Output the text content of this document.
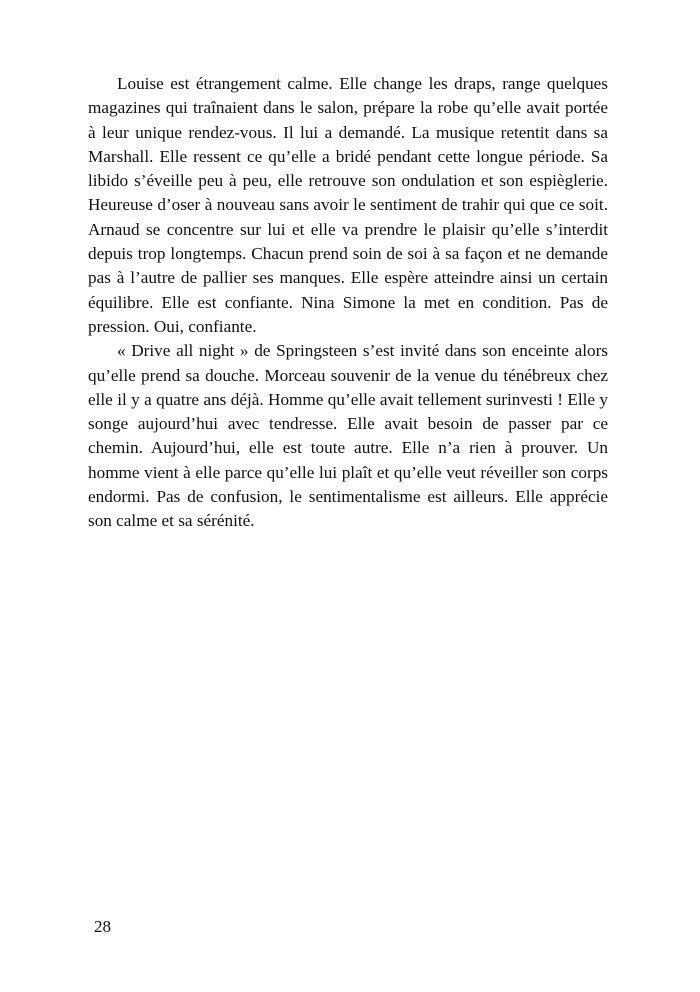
Louise est étrangement calme. Elle change les draps, range quelques magazines qui traînaient dans le salon, prépare la robe qu’elle avait portée à leur unique rendez-vous. Il lui a demandé. La musique retentit dans sa Marshall. Elle ressent ce qu’elle a bridé pendant cette longue période. Sa libido s’éveille peu à peu, elle retrouve son ondulation et son espièglerie. Heureuse d’oser à nouveau sans avoir le sentiment de trahir qui que ce soit. Arnaud se concentre sur lui et elle va prendre le plaisir qu’elle s’interdit depuis trop longtemps. Chacun prend soin de soi à sa façon et ne demande pas à l’autre de pallier ses manques. Elle espère atteindre ainsi un certain équilibre. Elle est confiante. Nina Simone la met en condition. Pas de pression. Oui, confiante.

« Drive all night » de Springsteen s’est invité dans son enceinte alors qu’elle prend sa douche. Morceau souvenir de la venue du ténébreux chez elle il y a quatre ans déjà. Homme qu’elle avait tellement surinvesti ! Elle y songe aujourd’hui avec tendresse. Elle avait besoin de passer par ce chemin. Aujourd’hui, elle est toute autre. Elle n’a rien à prouver. Un homme vient à elle parce qu’elle lui plaît et qu’elle veut réveiller son corps endormi. Pas de confusion, le sentimentalisme est ailleurs. Elle apprécie son calme et sa sérénité.

28
